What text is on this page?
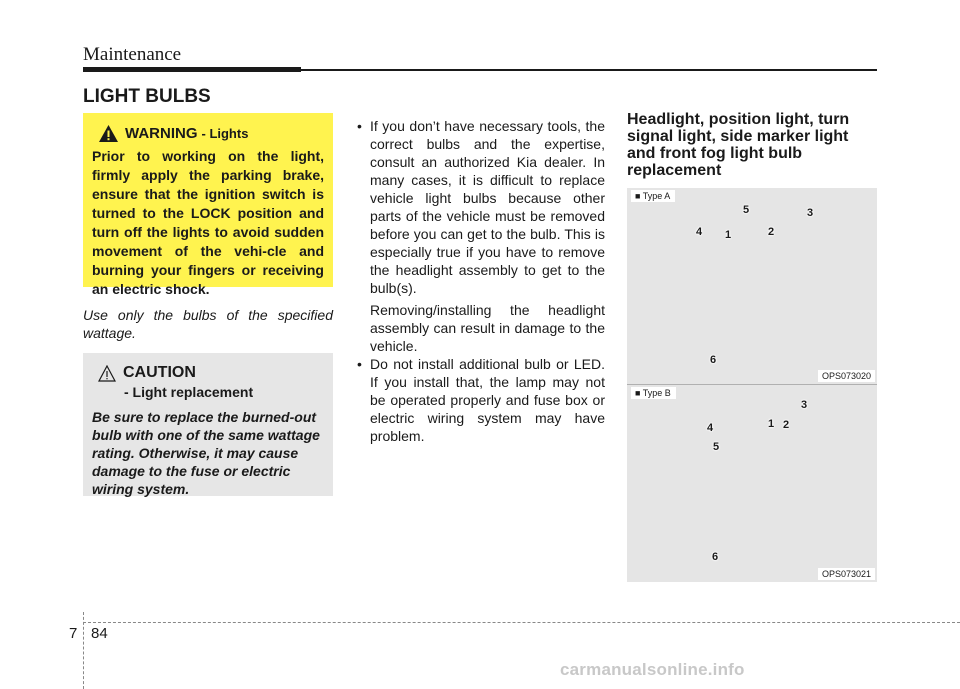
Maintenance
LIGHT BULBS
WARNING - Lights
Prior to working on the light, firmly apply the parking brake, ensure that the ignition switch is turned to the LOCK position and turn off the lights to avoid sudden movement of the vehi-cle and burning your fingers or receiving an electric shock.
Use only the bulbs of the specified wattage.
CAUTION
- Light replacement
Be sure to replace the burned-out bulb with one of the same wattage rating. Otherwise, it may cause damage to the fuse or electric wiring system.
• If you don’t have necessary tools, the correct bulbs and the expertise, consult an authorized Kia dealer. In many cases, it is difficult to replace vehicle light bulbs because other parts of the vehicle must be removed before you can get to the bulb. This is especially true if you have to remove the headlight assembly to get to the bulb(s).
Removing/installing the headlight assembly can result in damage to the vehicle.
• Do not install additional bulb or LED. If you install that, the lamp may not be operated properly and fuse box or electric wiring system may have problem.
Headlight, position light, turn signal light, side marker light and front fog light bulb replacement
■ Type A
5	3
4 1	2
6
OPS073020
■ Type B
3
1 2
4
5
6
OPS073021
7 84
carmanualsonline.info
